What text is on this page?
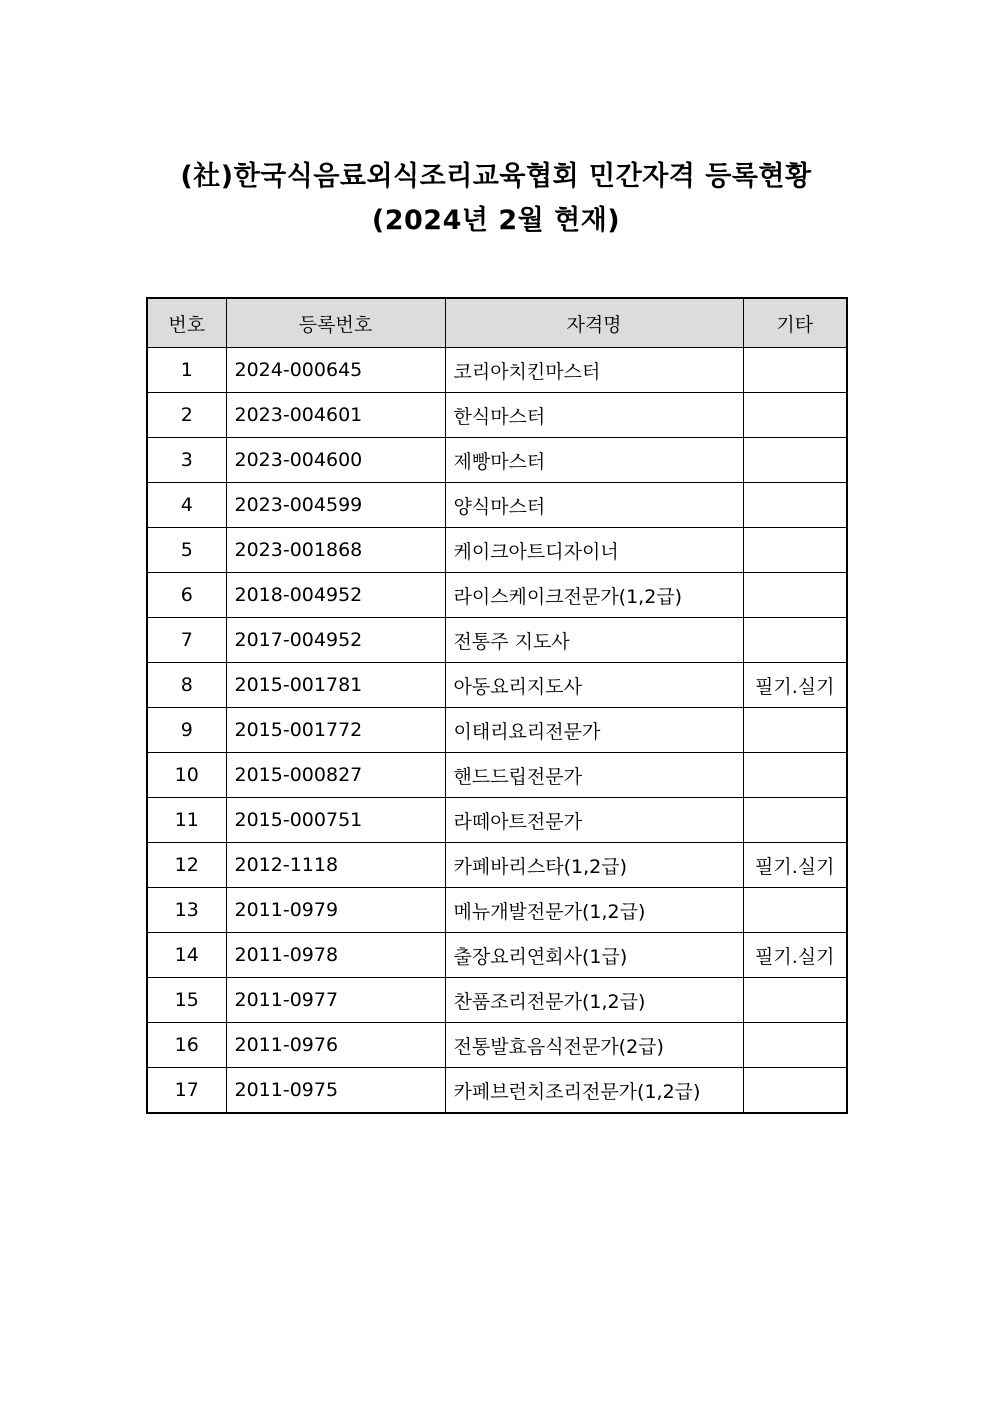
(社)한국식음료외식조리교육협회 민간자격 등록현황
(2024년 2월 현재)
번호	등록번호	자격명	기타
1	2024-000645	코리아치킨마스터	
2	2023-004601	한식마스터	
3	2023-004600	제빵마스터	
4	2023-004599	양식마스터	
5	2023-001868	케이크아트디자이너	
6	2018-004952	라이스케이크전문가(1,2급)	
7	2017-004952	전통주 지도사	
8	2015-001781	아동요리지도사	필기.실기
9	2015-001772	이태리요리전문가	
10	2015-000827	핸드드립전문가	
11	2015-000751	라떼아트전문가	
12	2012-1118	카페바리스타(1,2급)	필기.실기
13	2011-0979	메뉴개발전문가(1,2급)	
14	2011-0978	출장요리연회사(1급)	필기.실기
15	2011-0977	찬품조리전문가(1,2급)	
16	2011-0976	전통발효음식전문가(2급)	
17	2011-0975	카페브런치조리전문가(1,2급)	
